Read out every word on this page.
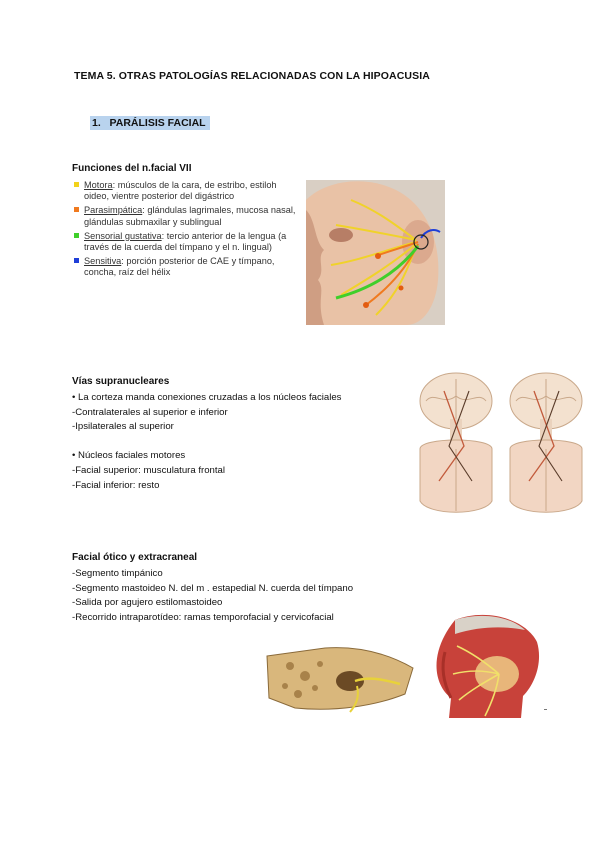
TEMA 5. OTRAS PATOLOGÍAS RELACIONADAS CON LA HIPOACUSIA
1. PARÁLISIS FACIAL
Funciones del n.facial VII
Motora: músculos de la cara, de estribo, estiloh oideo, vientre posterior del digástrico
Parasimpática: glándulas lagrimales, mucosa nasal, glándulas submaxilar y sublingual
Sensorial gustativa: tercio anterior de la lengua (a través de la cuerda del tímpano y el n. lingual)
Sensitiva: porción posterior de CAE y tímpano, concha, raíz del hélix
Vías supranucleares
• La corteza manda conexiones cruzadas a los núcleos faciales
-Contralaterales al superior e inferior
-Ipsilaterales al superior
• Núcleos faciales motores
-Facial superior: musculatura frontal
-Facial inferior: resto
Facial ótico y extracraneal
-Segmento timpánico
-Segmento mastoideo N. del m . estapedial N. cuerda del tímpano
-Salida por agujero estilomastoideo
-Recorrido intraparotídeo: ramas temporofacial y cervicofacial
